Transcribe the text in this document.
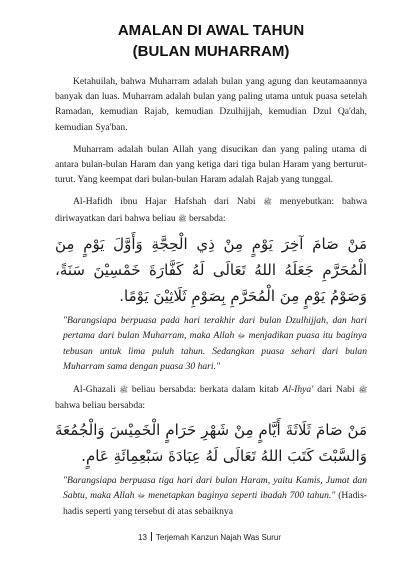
AMALAN DI AWAL TAHUN
(BULAN MUHARRAM)

Ketahuilah, bahwa Muharram adalah bulan yang agung dan keutamaannya banyak dan luas. Muharram adalah bulan yang paling utama untuk puasa setelah Ramadan, kemudian Rajab, kemudian Dzulhijjah, kemudian Dzul Qa'dah, kemudian Sya'ban.

Muharram adalah bulan Allah yang disucikan dan yang paling utama di antara bulan-bulan Haram dan yang ketiga dari tiga bulan Haram yang berturut-turut. Yang keempat dari bulan-bulan Haram adalah Rajab yang tunggal.

Al-Hafidh ibnu Hajar Hafshah dari Nabi ﷺ menyebutkan: bahwa diriwayatkan dari bahwa beliau ﷺ bersabda:

مَنْ صَامَ آخِرَ يَوْمٍ مِنْ ذِي الْحِجَّةِ وَأَوَّلَ يَوْمٍ مِنَ الْمُحَرَّمِ جَعَلَهُ اللهُ تَعَالَى لَهُ كَفَّارَةَ خَمْسِيْنَ سَنَةً، وَصَوْمُ يَوْمٍ مِنَ الْمُحَرَّمِ بِصَوْمِ ثَلَاثِيْنَ يَوْمًا.

"Barangsiapa berpuasa pada hari terakhir dari bulan Dzulhijjah, dan hari pertama dari bulan Muharram, maka Allah ﷻ menjadikan puasa itu baginya tebusan untuk lima puluh tahun. Sedangkan puasa sehari dari bulan Muharram sama dengan puasa 30 hari."

Al-Ghazali ﷺ beliau bersabda: berkata dalam kitab Al-Ihya' dari Nabi ﷺ bahwa beliau bersabda:

مَنْ صَامَ ثَلَاثَةَ أَيَّامٍ مِنْ شَهْرِ حَرَامٍ الْخَمِيْسَ وَالْجُمُعَةَ وَالسَّبْتَ كَتَبَ اللهُ تَعَالَى لَهُ عِبَادَةَ سَبْعِمِائَةِ عَامٍ.

"Barangsiapa berpuasa tiga hari dari bulan Haram, yaitu Kamis, Jumat dan Sabtu, maka Allah ﷻ menetapkan baginya seperti ibadah 700 tahun." (Hadis-hadis seperti yang tersebut di atas sebaiknya

13 Terjemah Kanzun Najah Was Surur
